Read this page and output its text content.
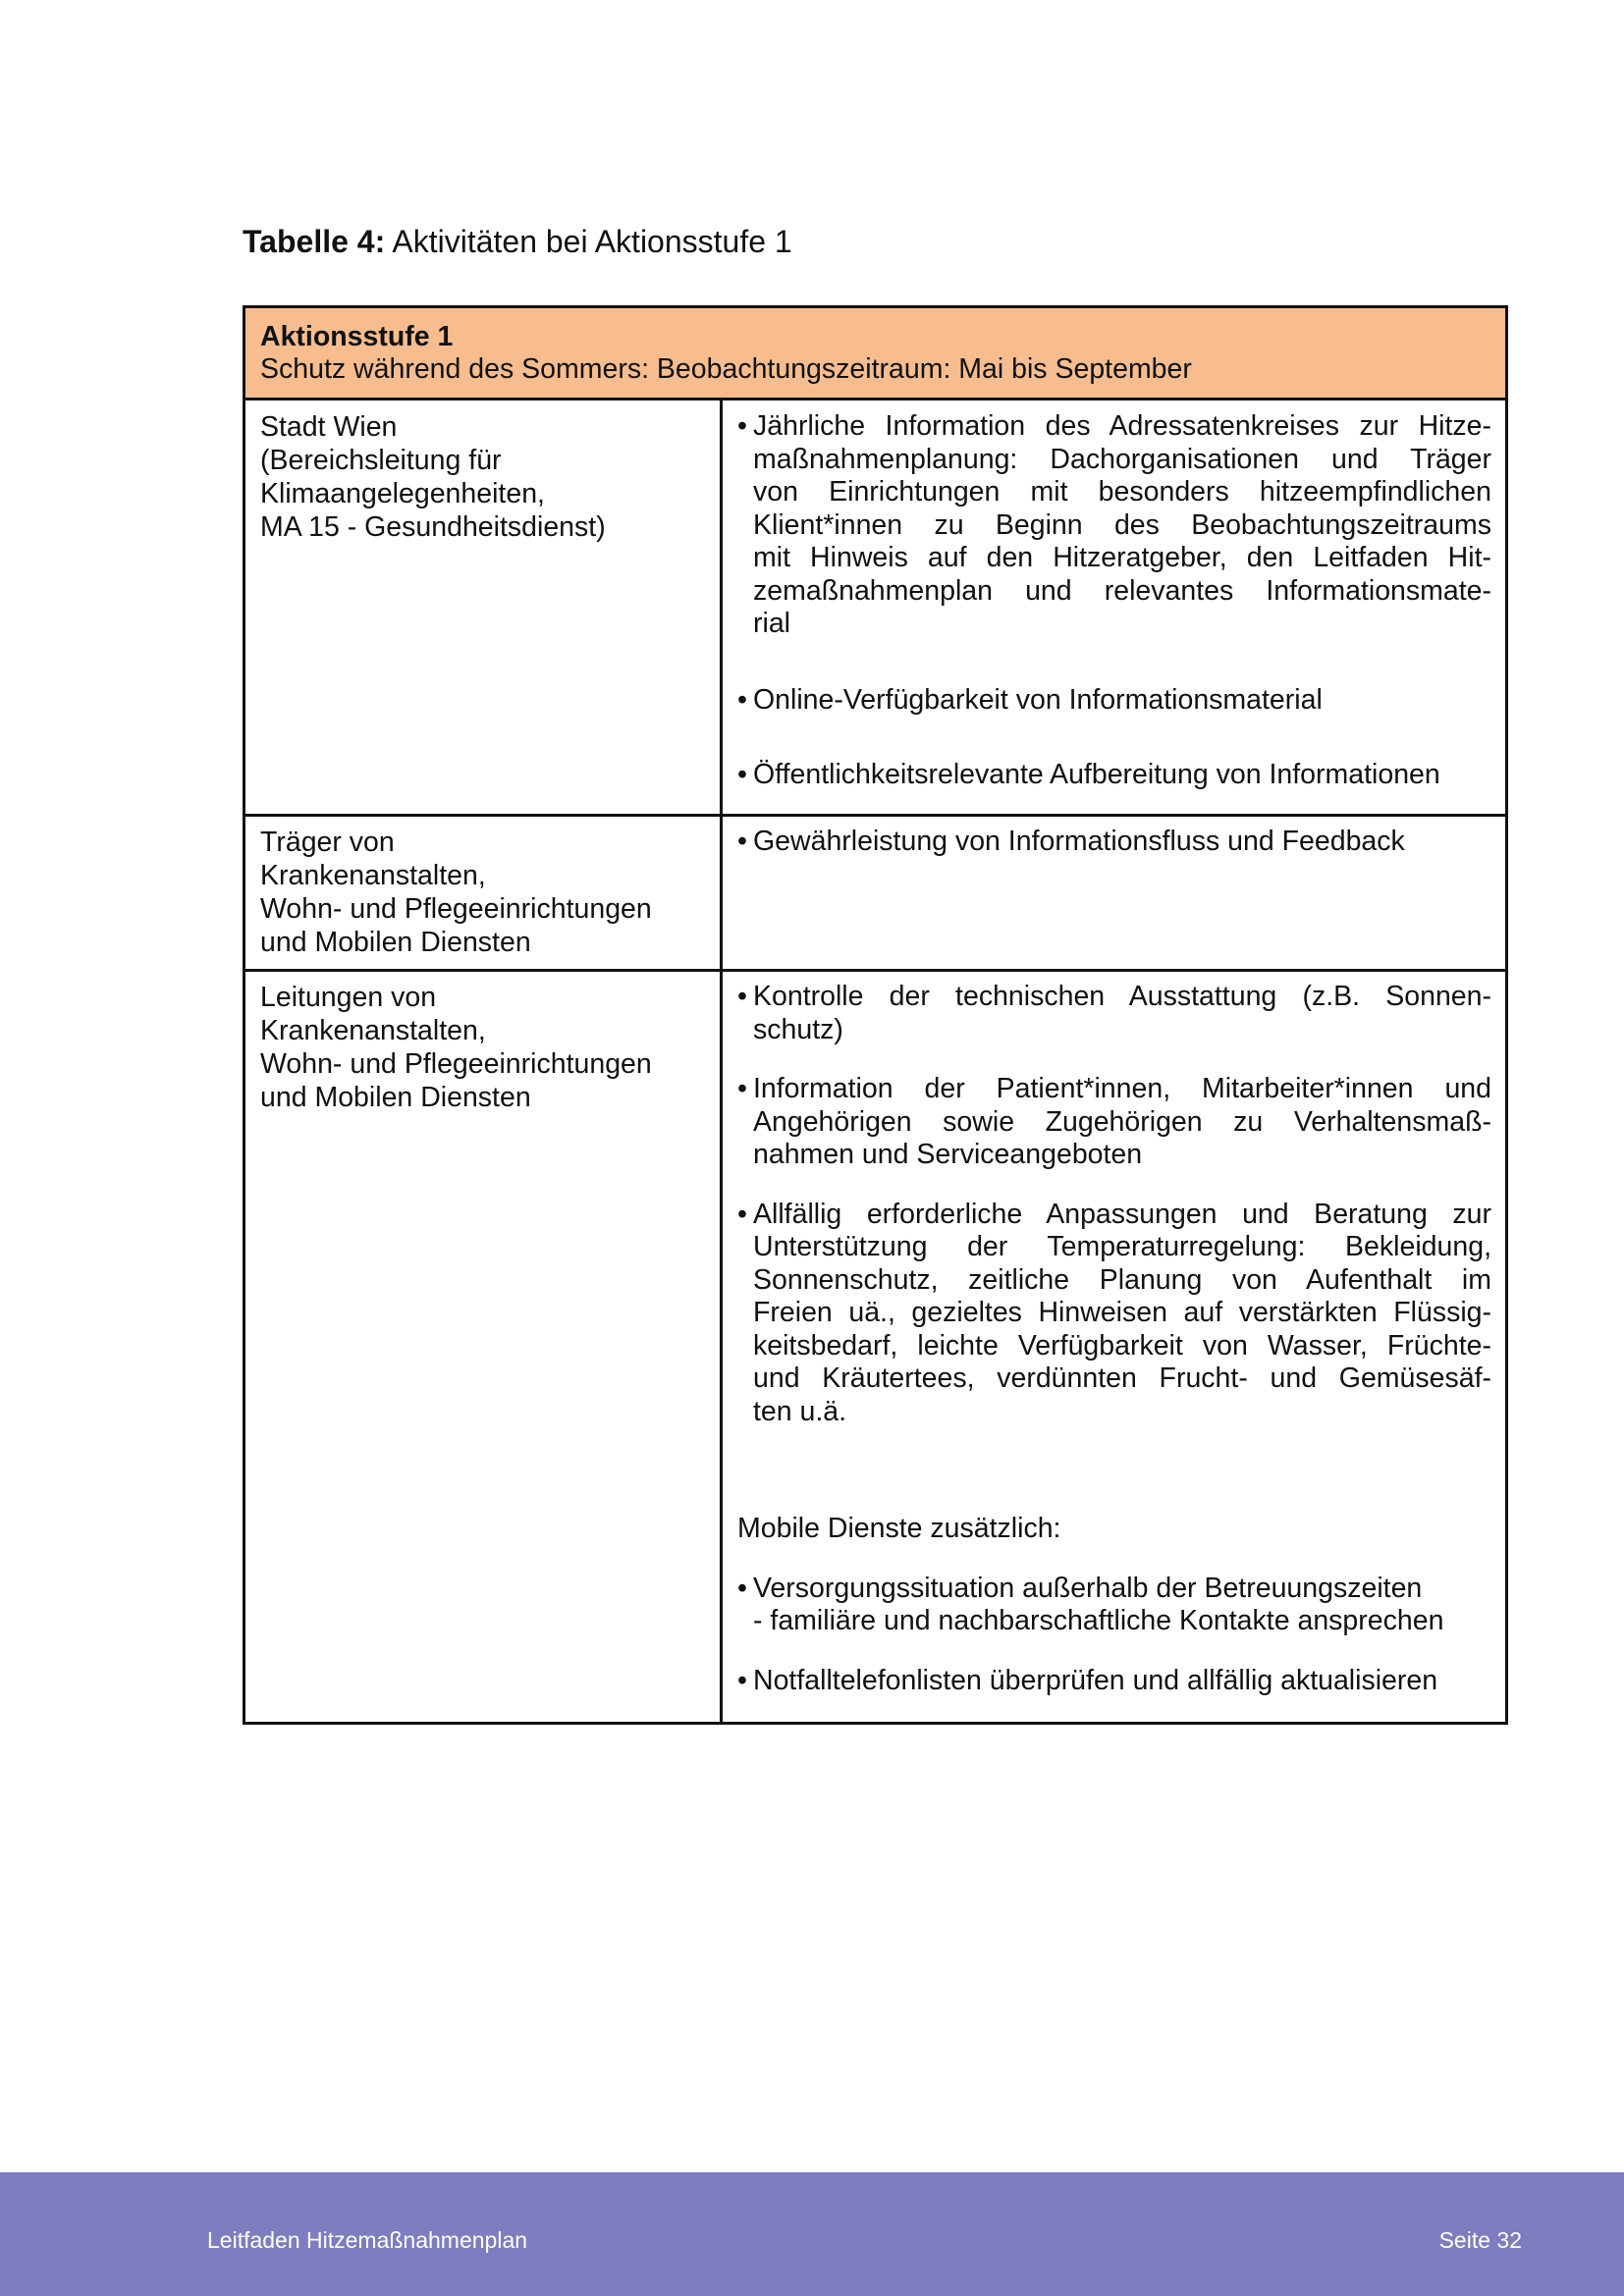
Tabelle 4: Aktivitäten bei Aktionsstufe 1
Aktionsstufe 1
Schutz während des Sommers: Beobachtungszeitraum: Mai bis September
Stadt Wien
(Bereichsleitung für
Klimaangelegenheiten,
MA 15 - Gesundheitsdienst)
• Jährliche Information des Adressatenkreises zur Hitze-
maßnahmenplanung: Dachorganisationen und Träger
von Einrichtungen mit besonders hitzeempfindlichen
Klient*innen zu Beginn des Beobachtungszeitraums
mit Hinweis auf den Hitzeratgeber, den Leitfaden Hit-
zemaßnahmenplan und relevantes Informationsmate-
rial
• Online-Verfügbarkeit von Informationsmaterial
• Öffentlichkeitsrelevante Aufbereitung von Informationen
Träger von
Krankenanstalten,
Wohn- und Pflegeeinrichtungen
und Mobilen Diensten
• Gewährleistung von Informationsfluss und Feedback
Leitungen von
Krankenanstalten,
Wohn- und Pflegeeinrichtungen
und Mobilen Diensten
• Kontrolle der technischen Ausstattung (z.B. Sonnen-
schutz)
• Information der Patient*innen, Mitarbeiter*innen und
Angehörigen sowie Zugehörigen zu Verhaltensmaß-
nahmen und Serviceangeboten
• Allfällig erforderliche Anpassungen und Beratung zur
Unterstützung der Temperaturregelung: Bekleidung,
Sonnenschutz, zeitliche Planung von Aufenthalt im
Freien uä., gezieltes Hinweisen auf verstärkten Flüssig-
keitsbedarf, leichte Verfügbarkeit von Wasser, Früchte-
und Kräutertees, verdünnten Frucht- und Gemüsesäf-
ten u.ä.
Mobile Dienste zusätzlich:
• Versorgungssituation außerhalb der Betreuungszeiten
- familiäre und nachbarschaftliche Kontakte ansprechen
• Notfalltelefonlisten überprüfen und allfällig aktualisieren
Leitfaden Hitzemaßnahmenplan	Seite 32
